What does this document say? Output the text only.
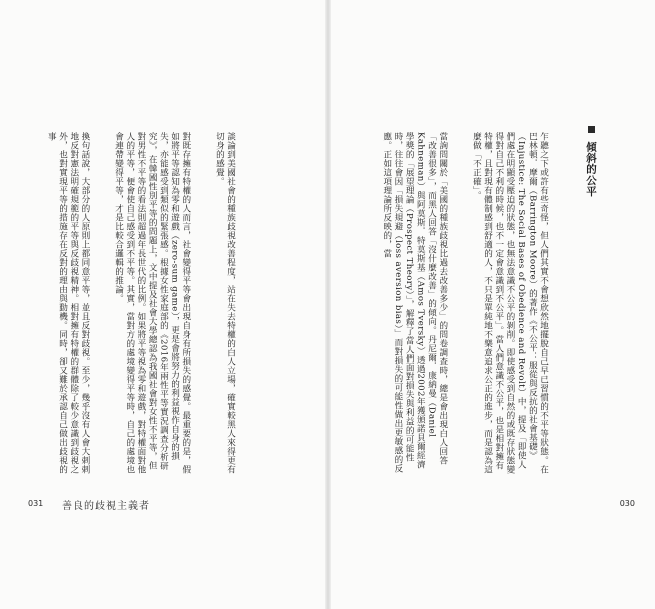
談論到美國社會的種族歧視改善程度，站在失去特權的白人立場，確實較黑人來得更有切身的感覺。

對既存擁有特權的人而言，社會變得平等會出現自身有所損失的感覺。最重要的是，假如將平等認知為零和遊戲（zero-sum game），更是會將努力的利益視作自身的損失，亦能感受到類似的緊張感。根據女性家庭部的《2016年兩性平等實況調查分析研究》，在韓國性別平等的問題上，文中提及社會大學總認為我國社會對女性不平等，但對男性不平等的看法則超過年長世代的比例。如果將平等視為零和遊戲，對特權面對他人的平等，便會使自己感受到不平等。其實，當對方的處境變得平等時，自己的處境也會連帶變得平等，才是比較合邏輯的推論。

換句話說，大部分的人原則上都同意平等，並且反對歧視。至少，幾乎沒有人會大剌剌地反對憲法明確規範的平等與反歧視精神。相對擁有特權的群體除了較少意識到歧視之外，也對實現平等的措施存在反對的理由與動機。同時，卻又難於承認自己做出歧視的事

031 善良的歧視主義者
傾斜的公平

乍聽之下或許有些奇怪，但人們其實不會想欣然地擺脫自己早已習慣的不平等狀態。在巴林頓．摩爾（Barrington Moore）的著作《不公平：服從與反抗的社會基礎》（Injustice: The Social Bases of Obedience and Revolt）中，提及「即使人們處在明顯受壓迫的狀態，也無法意識不公平的剝削。即使感受到自然的或既存狀態變得對自己不利的時候，也不一定會意識到不公平」。當人們意識不公平，也是相對擁有特權，且對現有體制感到舒適的人，不只是單純地不樂意追求公正的進步，而是認為這麼做「不正確」。

當詢問關於「美國的種族歧視比過去改善多少」的問卷調查時，總是會出現白人回答「改善很多」，而黑人回答「沒什麼改善」的傾向。丹尼爾．康納曼（Daniel Kahneman）與阿莫斯．特莫斯基（Amos Tversky）透過2002年獲頒諾貝爾經濟學獎的「展望理論（Prospect Theory）」，解釋了當人們面對損失與利益的可能性時，往往會因「損失規避（loss aversion bias）」而對損失的可能性做出更敏感的反應。正如這項理論所反映的，當

030
